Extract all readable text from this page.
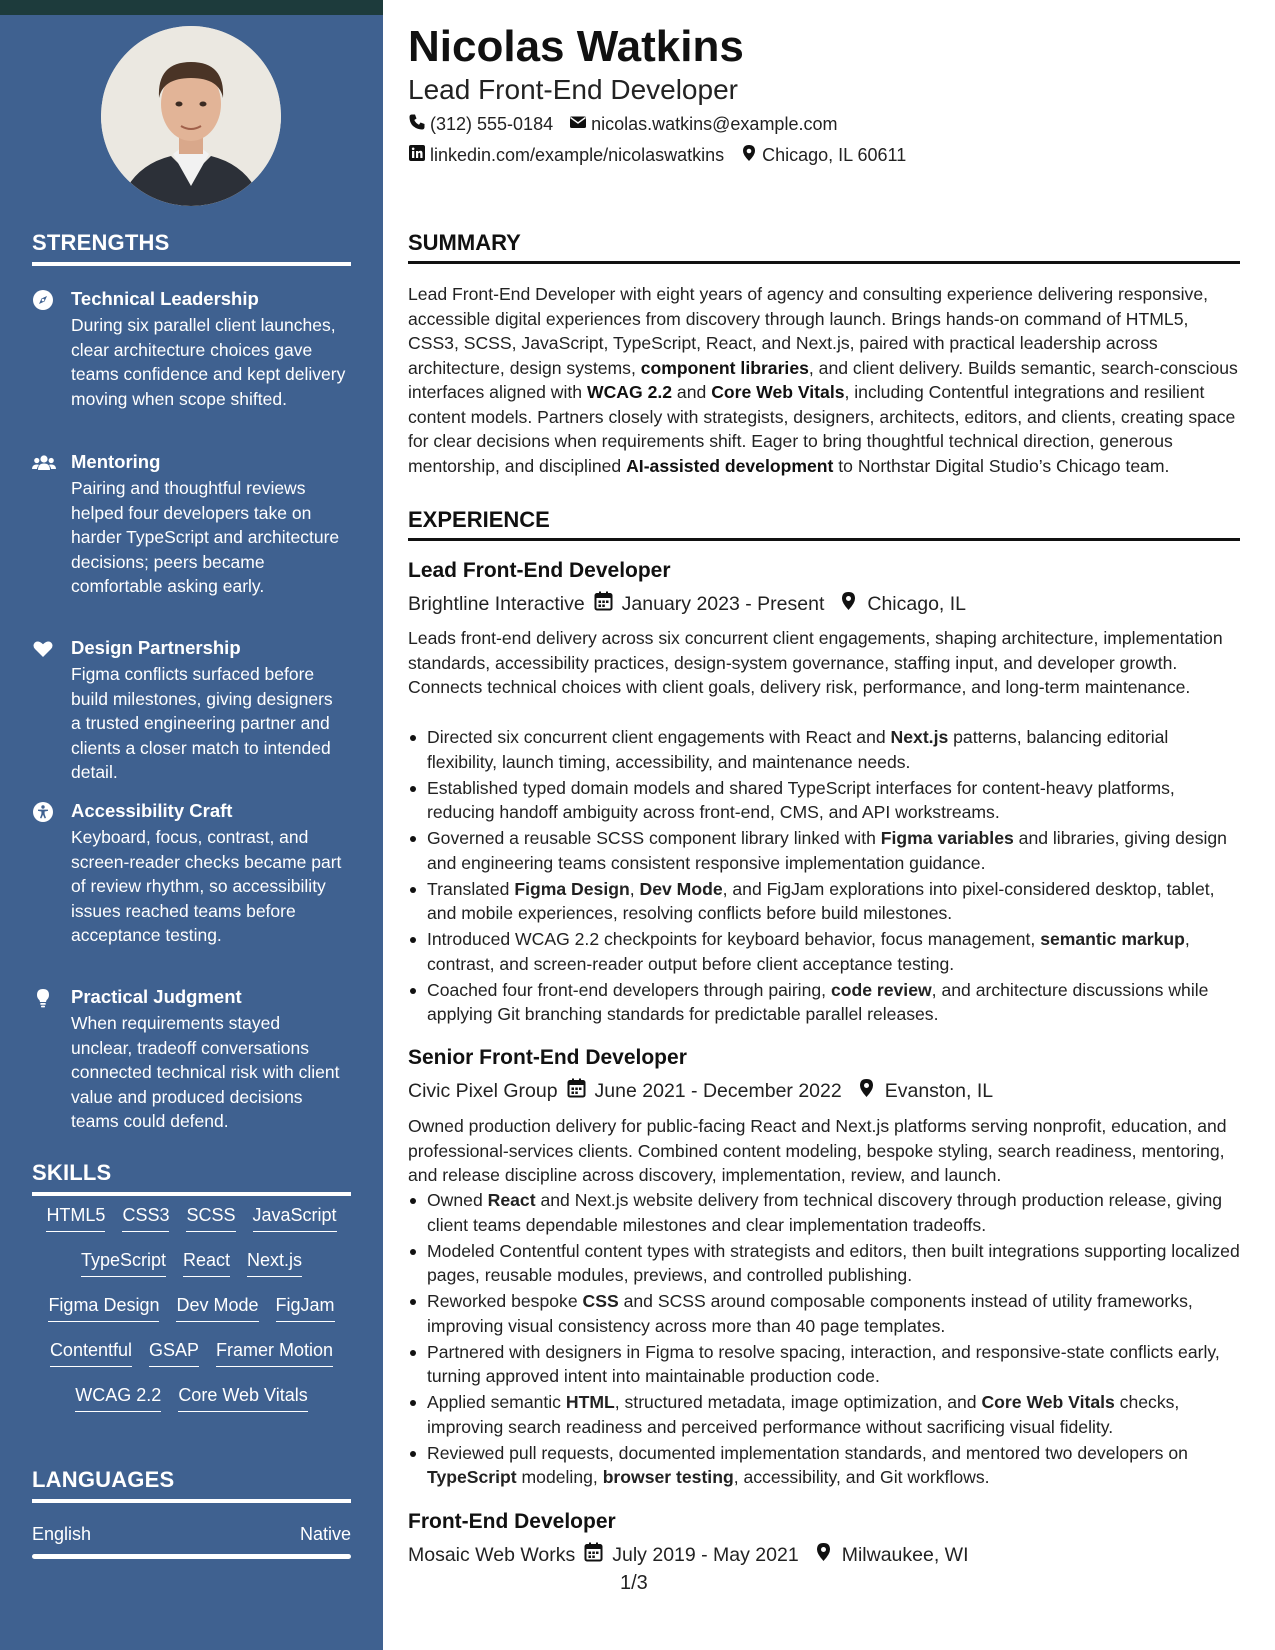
STRENGTHS
Technical Leadership
During six parallel client launches, clear architecture choices gave teams confidence and kept delivery moving when scope shifted.
Mentoring
Pairing and thoughtful reviews helped four developers take on harder TypeScript and architecture decisions; peers became comfortable asking early.
Design Partnership
Figma conflicts surfaced before build milestones, giving designers a trusted engineering partner and clients a closer match to intended detail.
Accessibility Craft
Keyboard, focus, contrast, and screen-reader checks became part of review rhythm, so accessibility issues reached teams before acceptance testing.
Practical Judgment
When requirements stayed unclear, tradeoff conversations connected technical risk with client value and produced decisions teams could defend.
SKILLS
HTML5 CSS3 SCSS JavaScript
TypeScript React Next.js
Figma Design Dev Mode FigJam
Contentful GSAP Framer Motion
WCAG 2.2 Core Web Vitals
LANGUAGES
English	Native
Nicolas Watkins
Lead Front-End Developer
(312) 555-0184 nicolas.watkins@example.com
linkedin.com/example/nicolaswatkins Chicago, IL 60611
SUMMARY
Lead Front-End Developer with eight years of agency and consulting experience delivering responsive, accessible digital experiences from discovery through launch. Brings hands-on command of HTML5, CSS3, SCSS, JavaScript, TypeScript, React, and Next.js, paired with practical leadership across architecture, design systems, component libraries, and client delivery. Builds semantic, search-conscious interfaces aligned with WCAG 2.2 and Core Web Vitals, including Contentful integrations and resilient content models. Partners closely with strategists, designers, architects, editors, and clients, creating space for clear decisions when requirements shift. Eager to bring thoughtful technical direction, generous mentorship, and disciplined AI-assisted development to Northstar Digital Studio’s Chicago team.
EXPERIENCE
Lead Front-End Developer
Brightline Interactive January 2023 - Present Chicago, IL
Leads front-end delivery across six concurrent client engagements, shaping architecture, implementation standards, accessibility practices, design-system governance, staffing input, and developer growth. Connects technical choices with client goals, delivery risk, performance, and long-term maintenance.
Directed six concurrent client engagements with React and Next.js patterns, balancing editorial flexibility, launch timing, accessibility, and maintenance needs.
Established typed domain models and shared TypeScript interfaces for content-heavy platforms, reducing handoff ambiguity across front-end, CMS, and API workstreams.
Governed a reusable SCSS component library linked with Figma variables and libraries, giving design and engineering teams consistent responsive implementation guidance.
Translated Figma Design, Dev Mode, and FigJam explorations into pixel-considered desktop, tablet, and mobile experiences, resolving conflicts before build milestones.
Introduced WCAG 2.2 checkpoints for keyboard behavior, focus management, semantic markup, contrast, and screen-reader output before client acceptance testing.
Coached four front-end developers through pairing, code review, and architecture discussions while applying Git branching standards for predictable parallel releases.
Senior Front-End Developer
Civic Pixel Group June 2021 - December 2022 Evanston, IL
Owned production delivery for public-facing React and Next.js platforms serving nonprofit, education, and professional-services clients. Combined content modeling, bespoke styling, search readiness, mentoring, and release discipline across discovery, implementation, review, and launch.
Owned React and Next.js website delivery from technical discovery through production release, giving client teams dependable milestones and clear implementation tradeoffs.
Modeled Contentful content types with strategists and editors, then built integrations supporting localized pages, reusable modules, previews, and controlled publishing.
Reworked bespoke CSS and SCSS around composable components instead of utility frameworks, improving visual consistency across more than 40 page templates.
Partnered with designers in Figma to resolve spacing, interaction, and responsive-state conflicts early, turning approved intent into maintainable production code.
Applied semantic HTML, structured metadata, image optimization, and Core Web Vitals checks, improving search readiness and perceived performance without sacrificing visual fidelity.
Reviewed pull requests, documented implementation standards, and mentored two developers on TypeScript modeling, browser testing, accessibility, and Git workflows.
Front-End Developer
Mosaic Web Works July 2019 - May 2021 Milwaukee, WI
1/3
